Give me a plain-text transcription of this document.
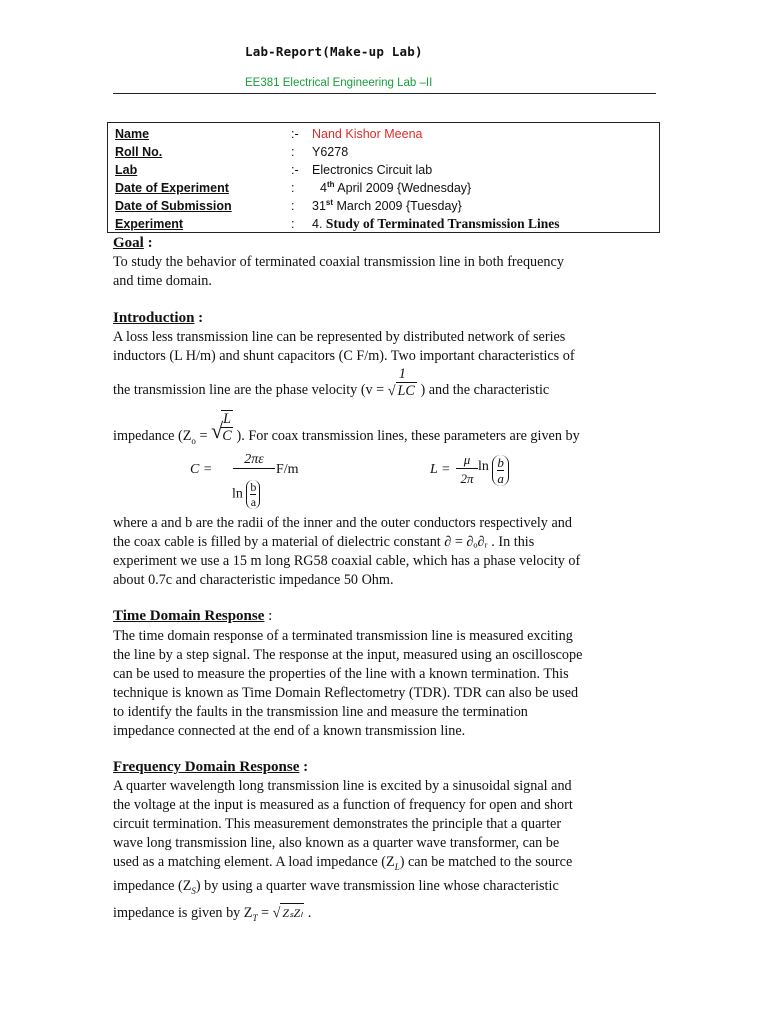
Lab-Report(Make-up Lab)
EE381 Electrical Engineering Lab –II
Name	:- Nand Kishor Meena
Roll No.	: Y6278
Lab	:- Electronics Circuit lab
Date of Experiment	: 4th April 2009 {Wednesday}
Date of Submission	: 31st March 2009 {Tuesday}
Experiment	: 4. Study of Terminated Transmission Lines
Goal :
To study the behavior of terminated coaxial transmission line in both frequency
and time domain.
Introduction :
A loss less transmission line can be represented by distributed network of series
inductors (L H/m) and shunt capacitors (C F/m). Two important characteristics of
the transmission line are the phase velocity (v =
1
√ LC ) and the characteristic
impedance ($Z_o$ = √
$\frac{L}{C}$ ). For coax transmission lines, these parameters are given by
C =
2πε
$\ln \frac{b}{a}$
F/m	L =
μ
2π
$\ln \frac{b}{a}$
where a and b are the radii of the inner and the outer conductors respectively and
the coax cable is filled by a material of dielectric constant ∂ = ∂ₒ∂ᵣ . In this
experiment we use a 15 m long RG58 coaxial cable, which has a phase velocity of
about 0.7c and characteristic impedance 50 Ohm.
Time Domain Response :
The time domain response of a terminated transmission line is measured exciting
the line by a step signal. The response at the input, measured using an oscilloscope
can be used to measure the properties of the line with a known termination. This
technique is known as Time Domain Reflectometry (TDR). TDR can also be used
to identify the faults in the transmission line and measure the termination
impedance connected at the end of a known transmission line.
Frequency Domain Response :
A quarter wavelength long transmission line is excited by a sinusoidal signal and
the voltage at the input is measured as a function of frequency for open and short
circuit termination. This measurement demonstrates the principle that a quarter
wave long transmission line, also known as a quarter wave transformer, can be
used as a matching element. A load impedance $(Z_L)$ can be matched to the source
impedance $(Z_S)$ by using a quarter wave transmission line whose characteristic
impedance is given by $Z_T$ = √ ZₛZₗ .
